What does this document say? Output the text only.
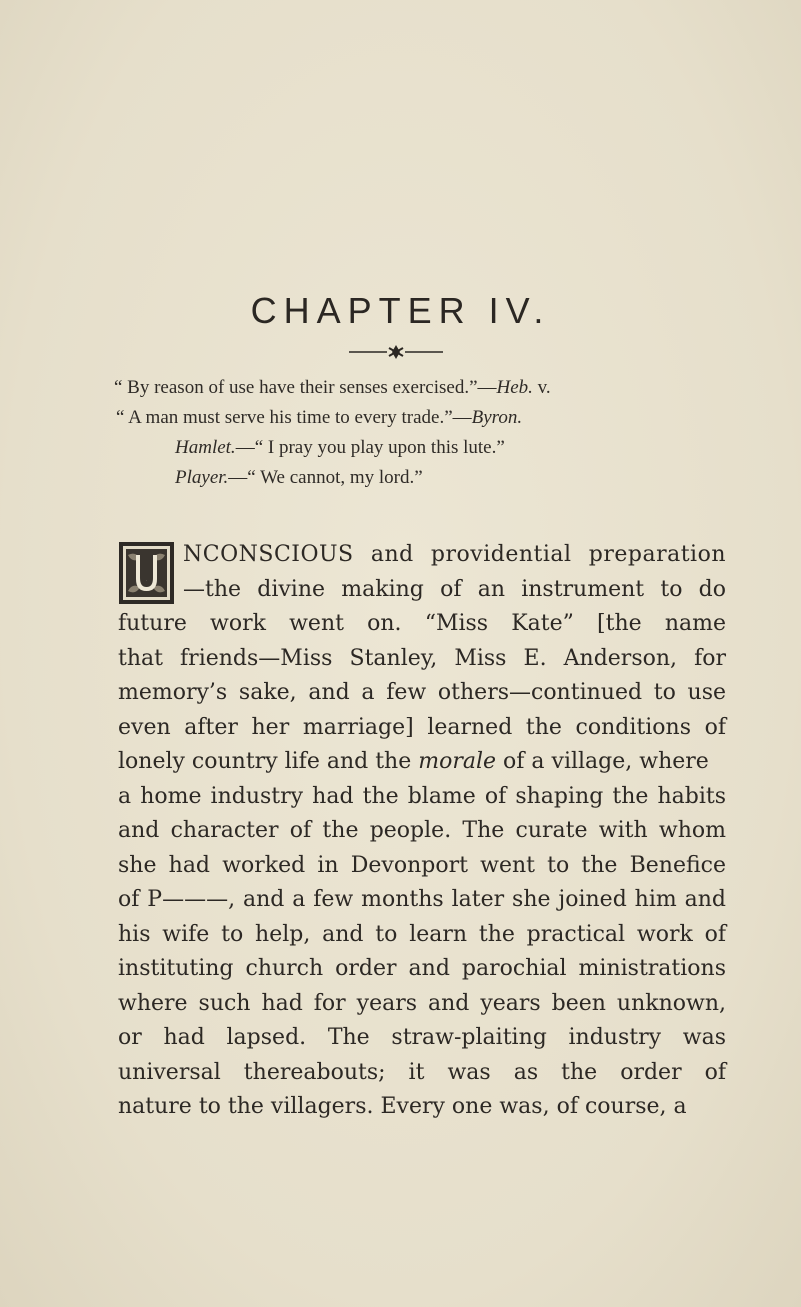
CHAPTER IV.
“ By reason of use have their senses exercised.”—Heb. v.
“ A man must serve his time to every trade.”—Byron.
Hamlet.—“ I pray you play upon this lute.”
Player.—“ We cannot, my lord.”
U
NCONSCIOUS and providential preparation
—the divine making of an instrument to do
future work went on. “Miss Kate” [the name
that friends—Miss Stanley, Miss E. Anderson, for
memory’s sake, and a few others—continued to use
even after her marriage] learned the conditions of
lonely country life and the morale of a village, where
a home industry had the blame of shaping the habits
and character of the people. The curate with whom
she had worked in Devonport went to the Benefice
of P———, and a few months later she joined him and
his wife to help, and to learn the practical work of
instituting church order and parochial ministrations
where such had for years and years been unknown,
or had lapsed. The straw-plaiting industry was
universal thereabouts; it was as the order of
nature to the villagers. Every one was, of course, a
